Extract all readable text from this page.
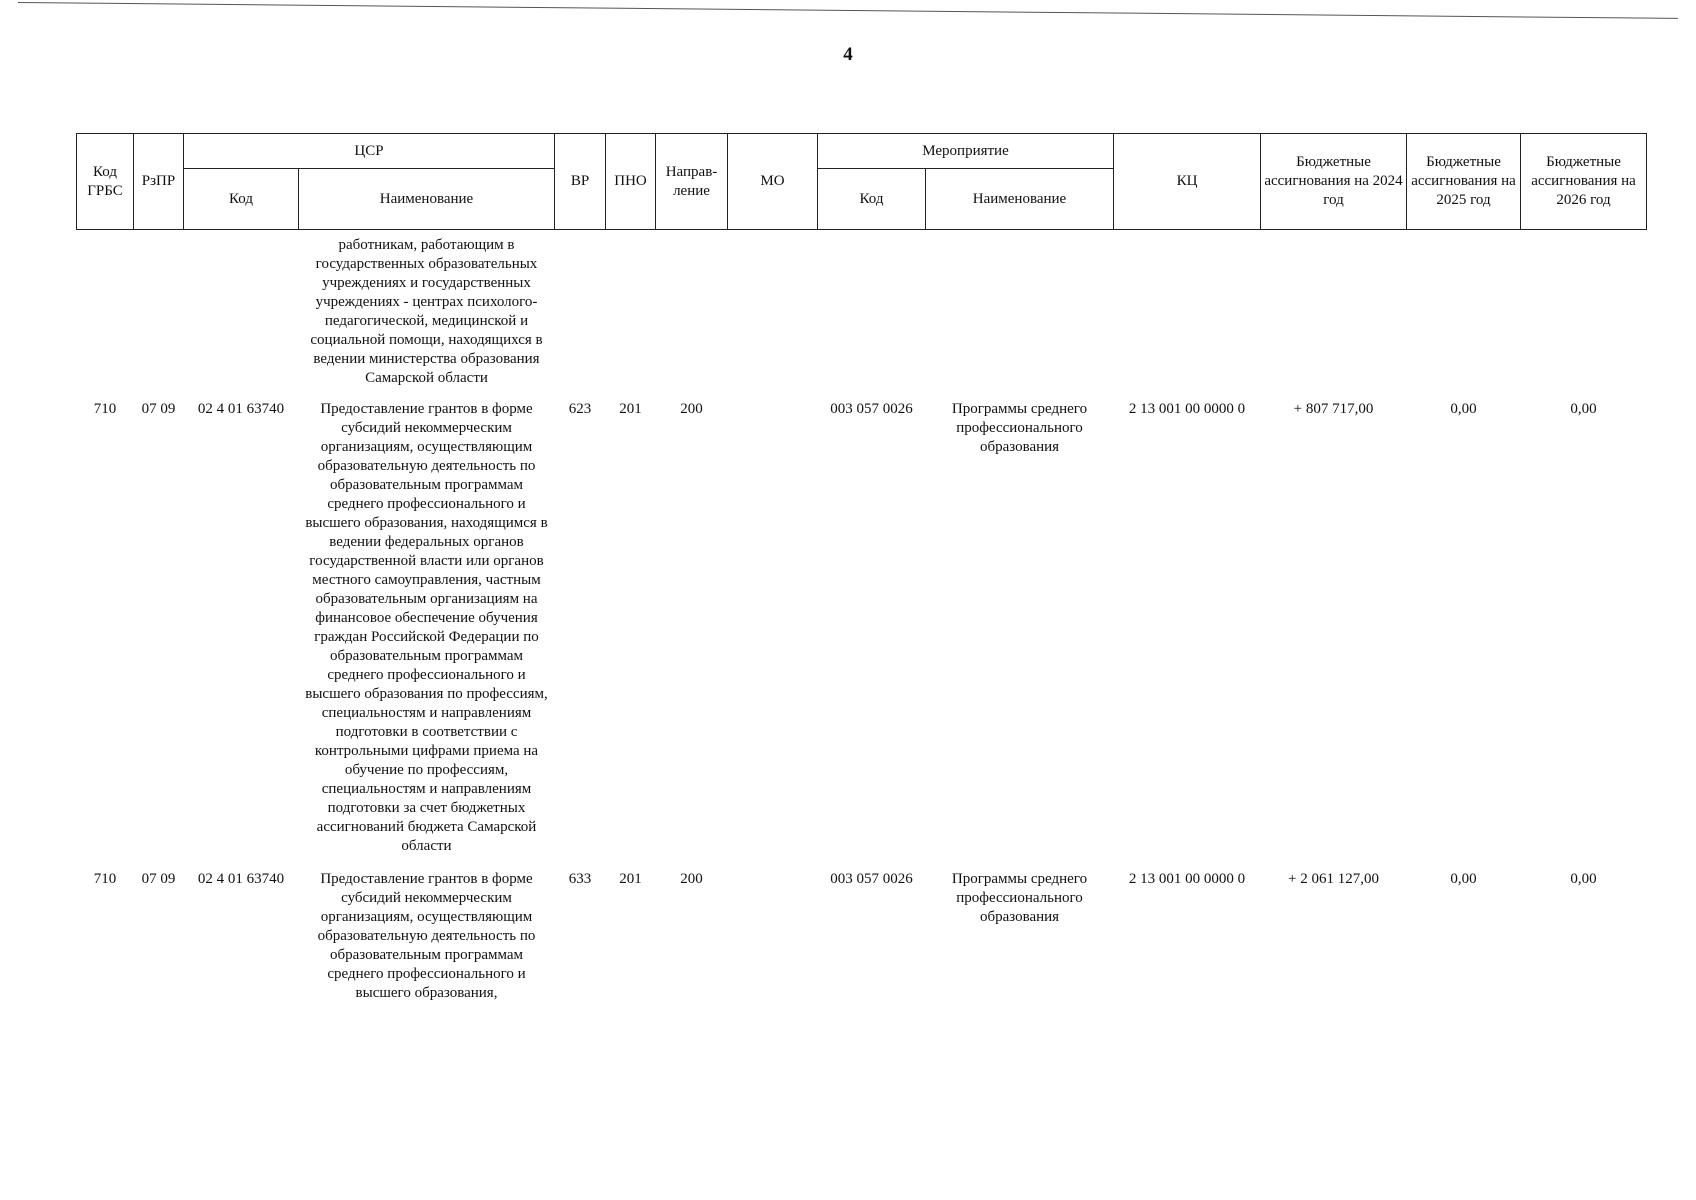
4
Код ГРБС	РзПР	ЦСР		ВР	ПНО	Направ-ление	МО	Мероприятие		КЦ	Бюджетные ассигнования на 2024 год	Бюджетные ассигнования на 2025 год	Бюджетные ассигнования на 2026 год
		Код	Наименование					Код	Наименование				
			работникам, работающим в государственных образовательных учреждениях и государственных учреждениях - центрах психолого-педагогической, медицинской и социальной помощи, находящихся в ведении министерства образования Самарской области										
710	07 09	02 4 01 63740	Предоставление грантов в форме субсидий некоммерческим организациям, осуществляющим образовательную деятельность по образовательным программам среднего профессионального и высшего образования, находящимся в ведении федеральных органов государственной власти или органов местного самоуправления, частным образовательным организациям на финансовое обеспечение обучения граждан Российской Федерации по образовательным программам среднего профессионального и высшего образования по профессиям, специальностям и направлениям подготовки в соответствии с контрольными цифрами приема на обучение по профессиям, специальностям и направлениям подготовки за счет бюджетных ассигнований бюджета Самарской области	623	201	200		003 057 0026	Программы среднего профессионального образования	2 13 001 00 0000 0	+ 807 717,00	0,00	0,00
710	07 09	02 4 01 63740	Предоставление грантов в форме субсидий некоммерческим организациям, осуществляющим образовательную деятельность по образовательным программам среднего профессионального и высшего образования,	633	201	200		003 057 0026	Программы среднего профессионального образования	2 13 001 00 0000 0	+ 2 061 127,00	0,00	0,00
